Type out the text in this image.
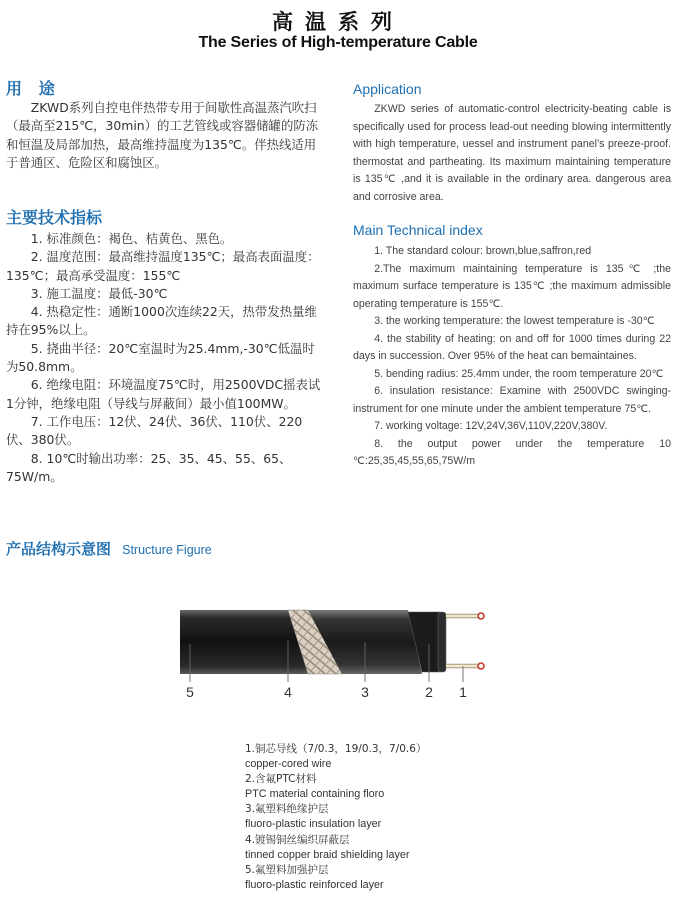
高温系列
The Series of High-temperature Cable
用   途

ZKWD系列自控电伴热带专用于间歇性高温蒸汽吹扫（最高至215℃，30min）的工艺管线或容器储罐的防冻和恒温及局部加热，最高维持温度为135℃。伴热线适用于普通区、危险区和腐蚀区。

主要技术指标

1. 标准颜色：褐色、桔黄色、黑色。

2. 温度范围：最高维持温度135℃；最高表面温度：135℃；最高承受温度：155℃

3. 施工温度：最低-30℃

4. 热稳定性：通断1000次连续22天，热带发热量维持在95%以上。

5. 挠曲半径：20℃室温时为25.4mm,-30℃低温时为50.8mm。

6. 绝缘电阻：环境温度75℃时，用2500VDC摇表试1分钟，绝缘电阻（导线与屏蔽间）最小值100MW。

7. 工作电压：12伏、24伏、36伏、110伏、220伏、380伏。

8. 10℃时输出功率：25、35、45、55、65、75W/m。

Application

ZKWD series of automatic-control electricity-beating cable is specifically used for process lead-out needing blowing intermittently with high temperature, uessel and instrument panel’s preeze-proof. thermostat and partheating. Its maximum maintaining temperature is 135℃ ,and it is available in the ordinary area. dangerous area and corrosive area.

Main Technical index

1. The standard colour: brown,blue,saffron,red

2.The maximum maintaining temperature is 135℃ ;the maximum surface temperature is 135℃ ;the maximum admissible operating temperature is 155℃.

3. the working temperature: the lowest temperature is -30℃

4. the stability of heating: on and off for 1000 times during 22 days in succession. Over 95% of the heat can bemaintaines.

5. bending radius: 25.4mm under, the room temperature 20℃

6. insulation resistance: Examine with 2500VDC swinging-instrument for one minute under the ambient temperature 75℃.

7. working voltage: 12V,24V,36V,110V,220V,380V.

8. the output power under the temperature 10 ℃:25,35,45,55,65,75W/m

产品结构示意图 Structure Figure
5	4	3	2	1
1.铜芯导线（7/0.3，19/0.3，7/0.6）
copper-cored wire
2.含氟PTC材料
PTC material containing floro
3.氟塑料绝缘护层
fluoro-plastic insulation layer
4.镀锡铜丝编织屏蔽层
tinned copper braid shielding layer
5.氟塑料加强护层
fluoro-plastic reinforced layer
